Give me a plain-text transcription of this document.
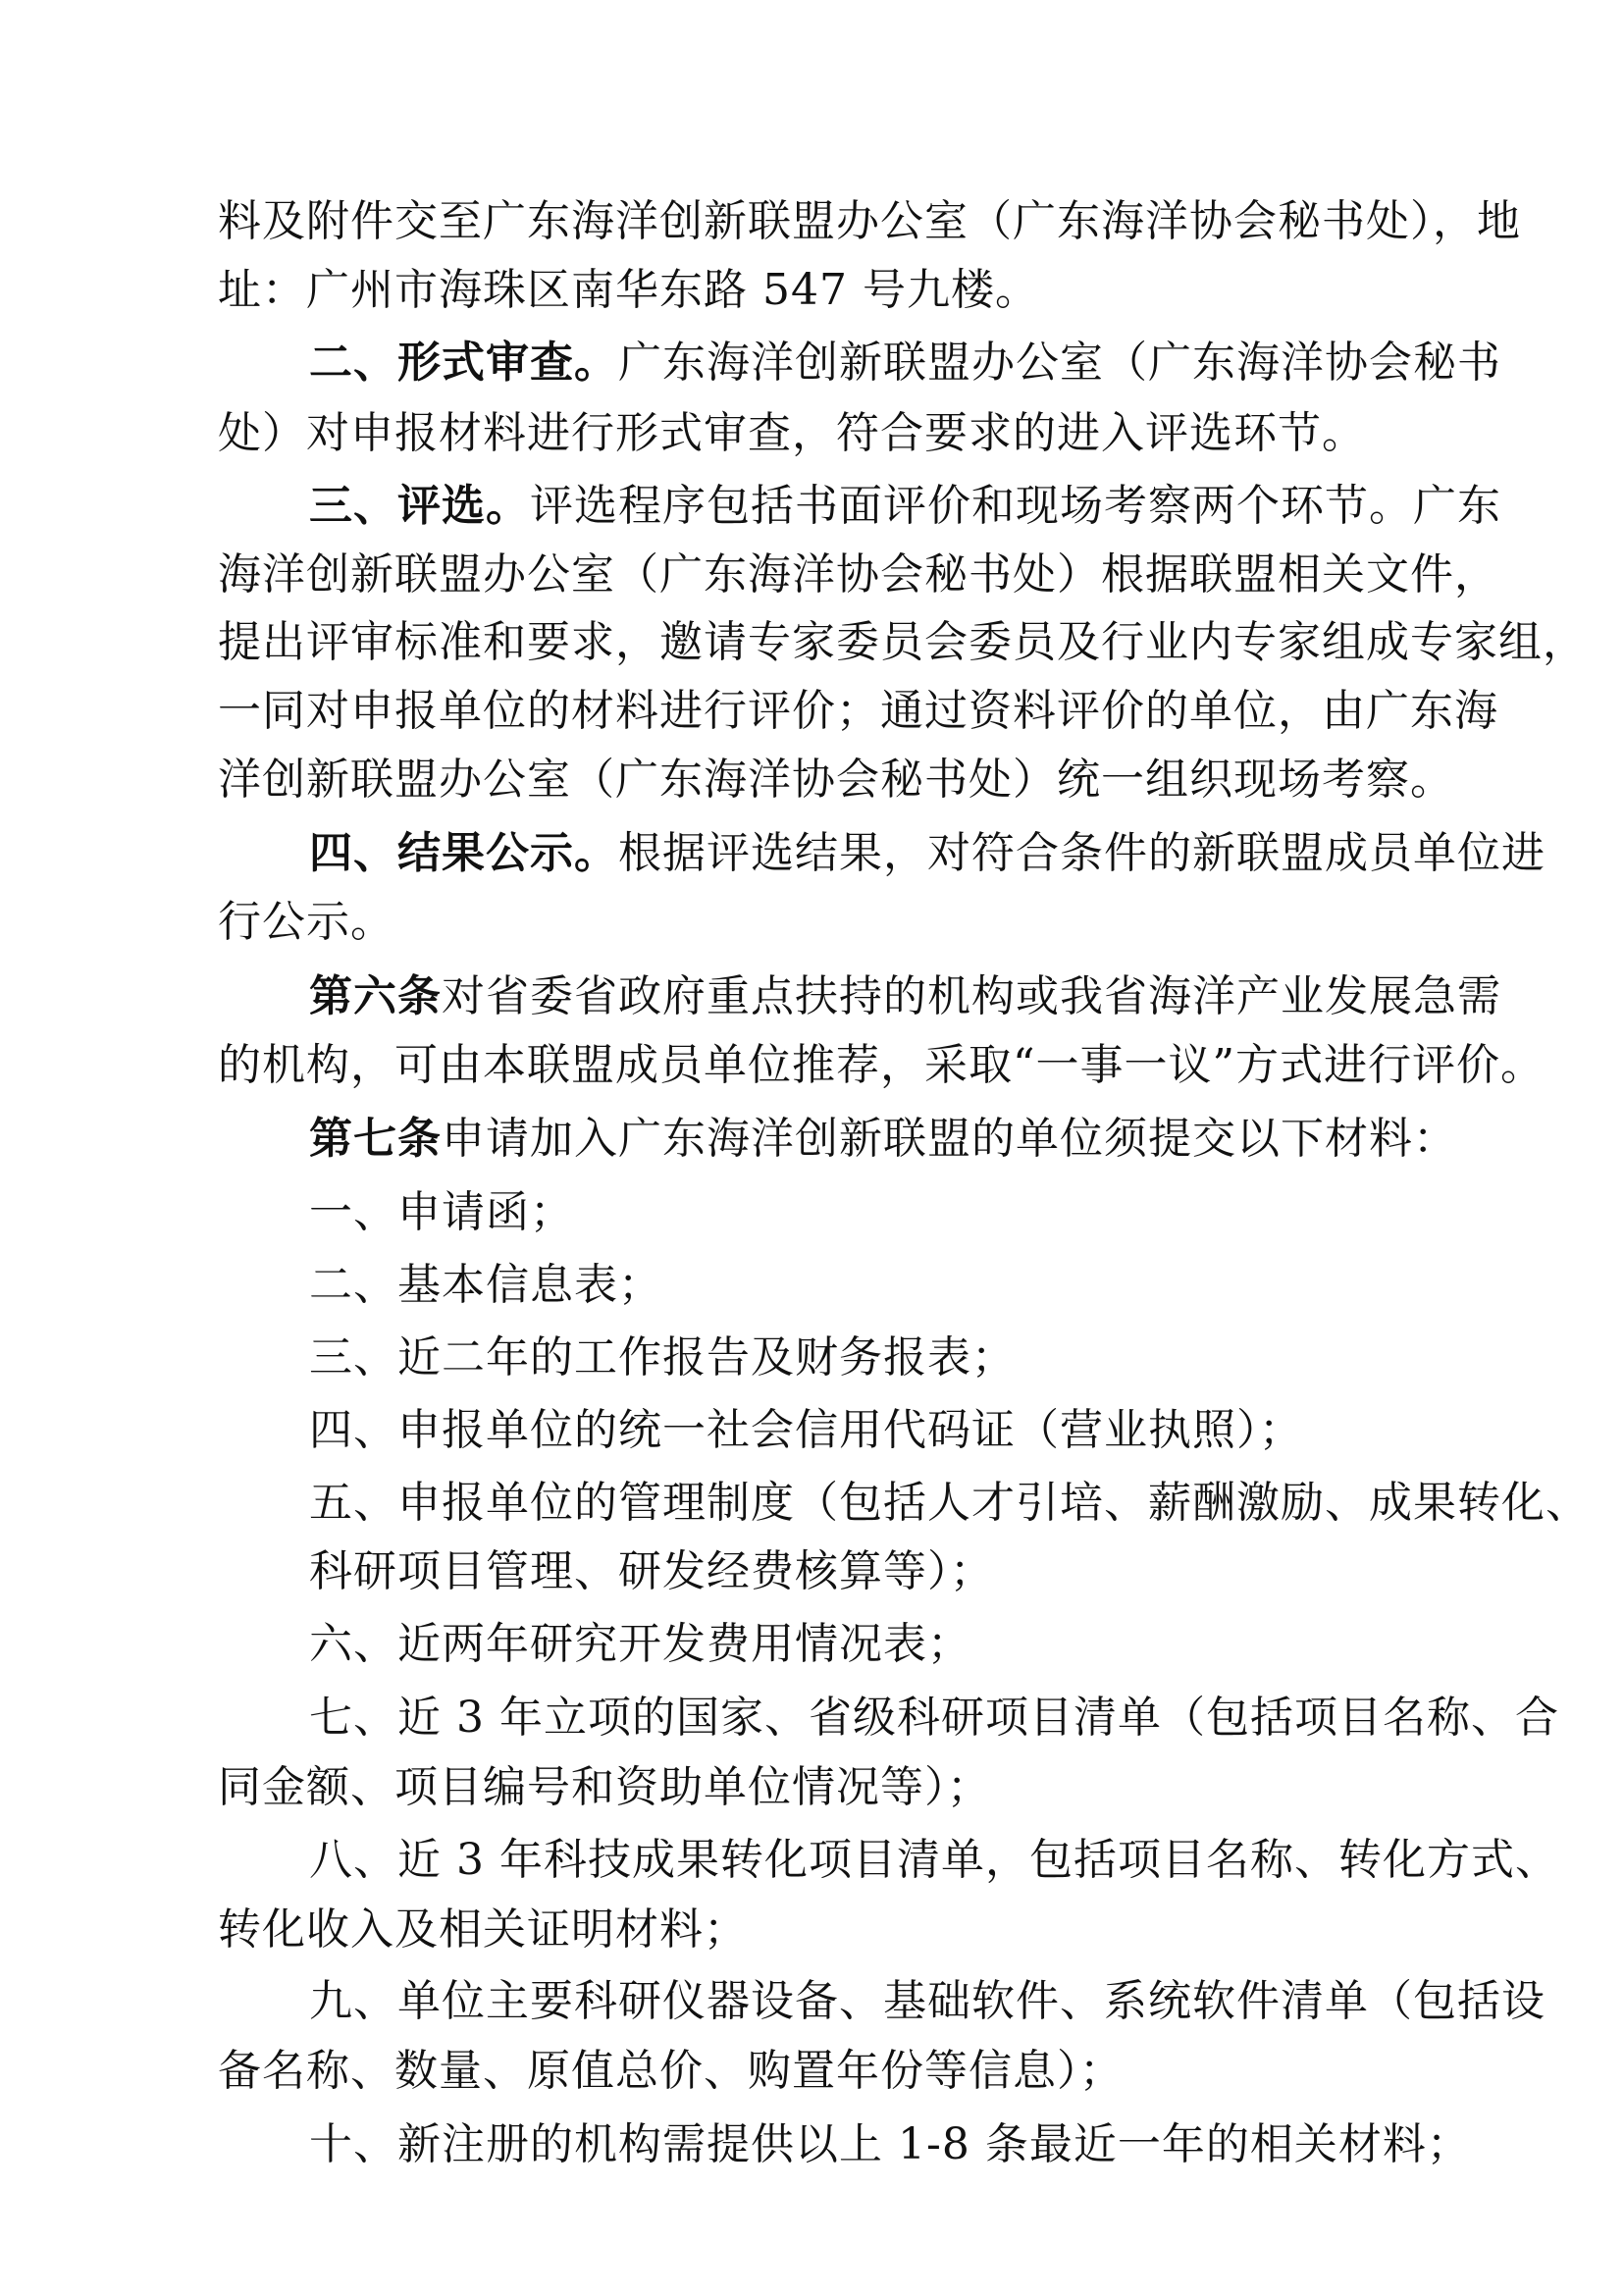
料及附件交至广东海洋创新联盟办公室（广东海洋协会秘书处），地
址：广州市海珠区南华东路 547 号九楼。
二、形式审查。广东海洋创新联盟办公室（广东海洋协会秘书
处）对申报材料进行形式审查，符合要求的进入评选环节。
三、评选。评选程序包括书面评价和现场考察两个环节。广东
海洋创新联盟办公室（广东海洋协会秘书处）根据联盟相关文件，
提出评审标准和要求，邀请专家委员会委员及行业内专家组成专家组，
一同对申报单位的材料进行评价；通过资料评价的单位，由广东海
洋创新联盟办公室（广东海洋协会秘书处）统一组织现场考察。
四、结果公示。根据评选结果，对符合条件的新联盟成员单位进
行公示。
第六条对省委省政府重点扶持的机构或我省海洋产业发展急需
的机构，可由本联盟成员单位推荐，采取“一事一议”方式进行评价。
第七条申请加入广东海洋创新联盟的单位须提交以下材料：
一、申请函；
二、基本信息表；
三、近二年的工作报告及财务报表；
四、申报单位的统一社会信用代码证（营业执照）；
五、申报单位的管理制度（包括人才引培、薪酬激励、成果转化、
科研项目管理、研发经费核算等）；
六、近两年研究开发费用情况表；
七、近 3 年立项的国家、省级科研项目清单（包括项目名称、合
同金额、项目编号和资助单位情况等）；
八、近 3 年科技成果转化项目清单，包括项目名称、转化方式、
转化收入及相关证明材料；
九、单位主要科研仪器设备、基础软件、系统软件清单（包括设
备名称、数量、原值总价、购置年份等信息）；
十、新注册的机构需提供以上 1-8 条最近一年的相关材料；
